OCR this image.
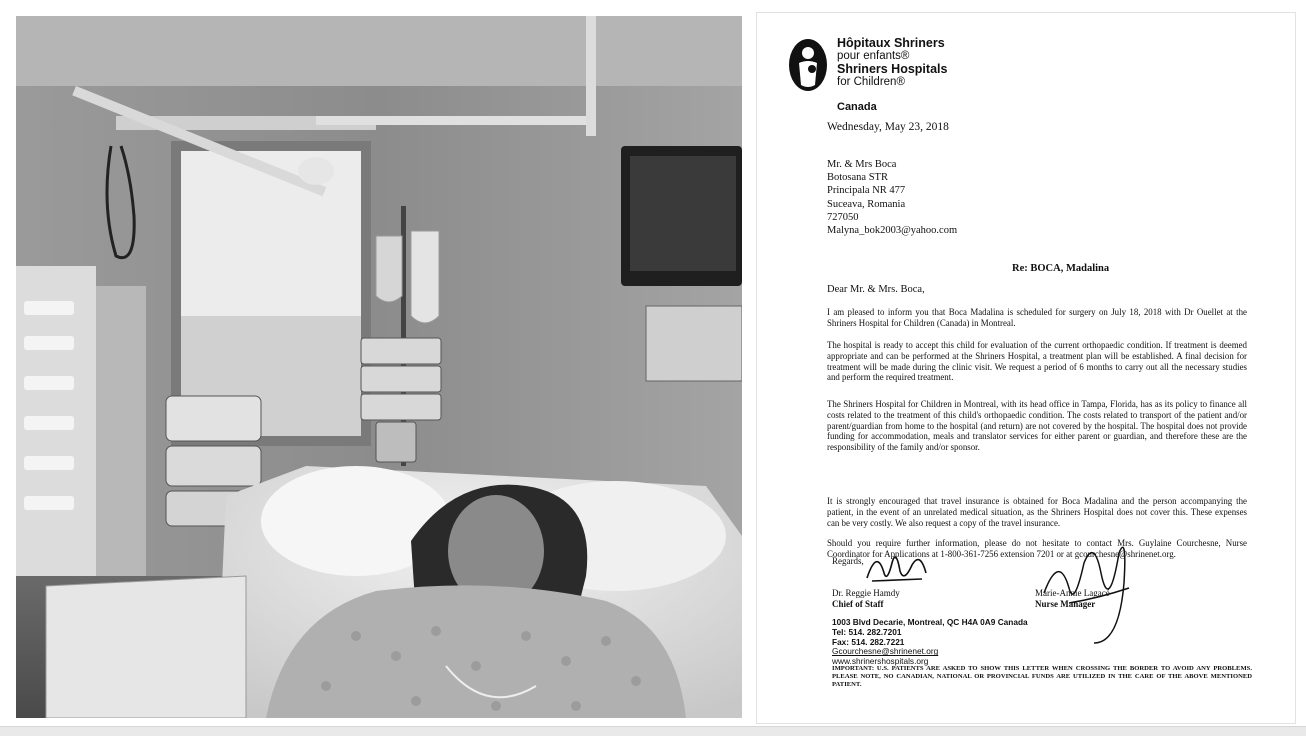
Hôpitaux Shriners
pour enfants®
Shriners Hospitals
for Children®
Canada
Wednesday, May 23, 2018
Mr. & Mrs Boca
Botosana STR
Principala NR 477
Suceava, Romania
727050
Malyna_bok2003@yahoo.com
Re: BOCA, Madalina
Dear Mr. & Mrs. Boca,

I am pleased to inform you that Boca Madalina is scheduled for surgery on July 18, 2018 with Dr Ouellet at the Shriners Hospital for Children (Canada) in Montreal.

The hospital is ready to accept this child for evaluation of the current orthopaedic condition. If treatment is deemed appropriate and can be performed at the Shriners Hospital, a treatment plan will be established. A final decision for treatment will be made during the clinic visit. We request a period of 6 months to carry out all the necessary studies and perform the required treatment.

The Shriners Hospital for Children in Montreal, with its head office in Tampa, Florida, has as its policy to finance all costs related to the treatment of this child's orthopaedic condition. The costs related to transport of the patient and/or parent/guardian from home to the hospital (and return) are not covered by the hospital. The hospital does not provide funding for accommodation, meals and translator services for either parent or guardian, and therefore these are the responsibility of the family and/or sponsor.

It is strongly encouraged that travel insurance is obtained for Boca Madalina and the person accompanying the patient, in the event of an unrelated medical situation, as the Shriners Hospital does not cover this. These expenses can be very costly. We also request a copy of the travel insurance.

Should you require further information, please do not hesitate to contact Mrs. Guylaine Courchesne, Nurse Coordinator for Applications at 1-800-361-7256 extension 7201 or at gcourchesne@shrinenet.org.

Regards,
Dr. Reggie Hamdy
Chief of Staff
Marie-Annie Lagacé
Nurse Manager
1003 Blvd Decarie, Montreal, QC H4A 0A9 Canada
Tel: 514. 282.7201
Fax: 514. 282.7221
Gcourchesne@shrinenet.org
www.shrinershospitals.org

IMPORTANT: U.S. PATIENTS ARE ASKED TO SHOW THIS LETTER WHEN CROSSING THE BORDER TO AVOID ANY PROBLEMS. PLEASE NOTE, NO CANADIAN, NATIONAL OR PROVINCIAL FUNDS ARE UTILIZED IN THE CARE OF THE ABOVE MENTIONED PATIENT.
